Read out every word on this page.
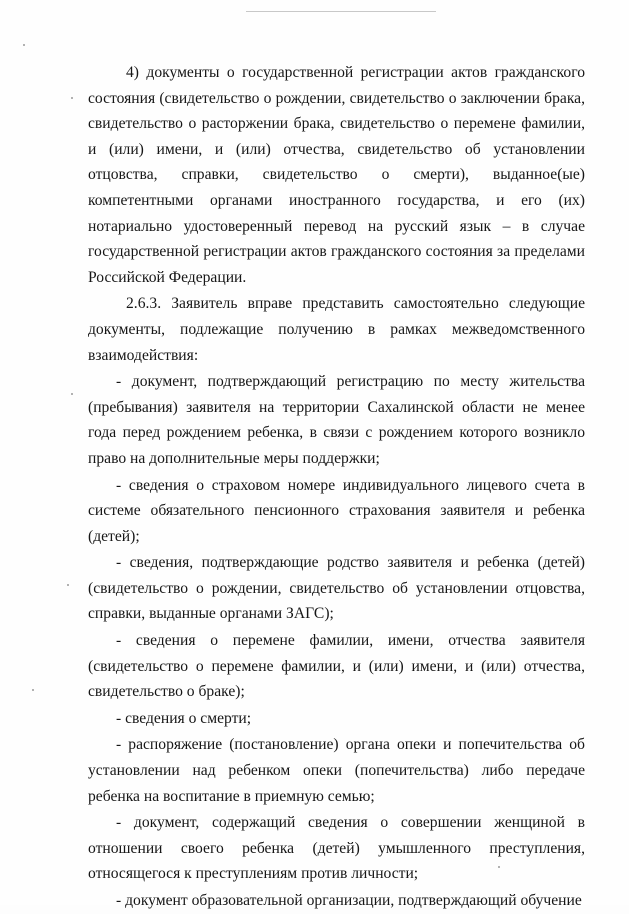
4) документы о государственной регистрации актов гражданского состояния (свидетельство о рождении, свидетельство о заключении брака, свидетельство о расторжении брака, свидетельство о перемене фамилии, и (или) имени, и (или) отчества, свидетельство об установлении отцовства, справки, свидетельство о смерти), выданное(ые) компетентными органами иностранного государства, и его (их) нотариально удостоверенный перевод на русский язык – в случае государственной регистрации актов гражданского состояния за пределами Российской Федерации.

2.6.3. Заявитель вправе представить самостоятельно следующие документы, подлежащие получению в рамках межведомственного взаимодействия:

- документ, подтверждающий регистрацию по месту жительства (пребывания) заявителя на территории Сахалинской области не менее года перед рождением ребенка, в связи с рождением которого возникло право на дополнительные меры поддержки;

- сведения о страховом номере индивидуального лицевого счета в системе обязательного пенсионного страхования заявителя и ребенка (детей);

- сведения, подтверждающие родство заявителя и ребенка (детей) (свидетельство о рождении, свидетельство об установлении отцовства, справки, выданные органами ЗАГС);

- сведения о перемене фамилии, имени, отчества заявителя (свидетельство о перемене фамилии, и (или) имени, и (или) отчества, свидетельство о браке);

- сведения о смерти;

- распоряжение (постановление) органа опеки и попечительства об установлении над ребенком опеки (попечительства) либо передаче ребенка на воспитание в приемную семью;

- документ, содержащий сведения о совершении женщиной в отношении своего ребенка (детей) умышленного преступления, относящегося к преступлениям против личности;

- документ образовательной организации, подтверждающий обучение
